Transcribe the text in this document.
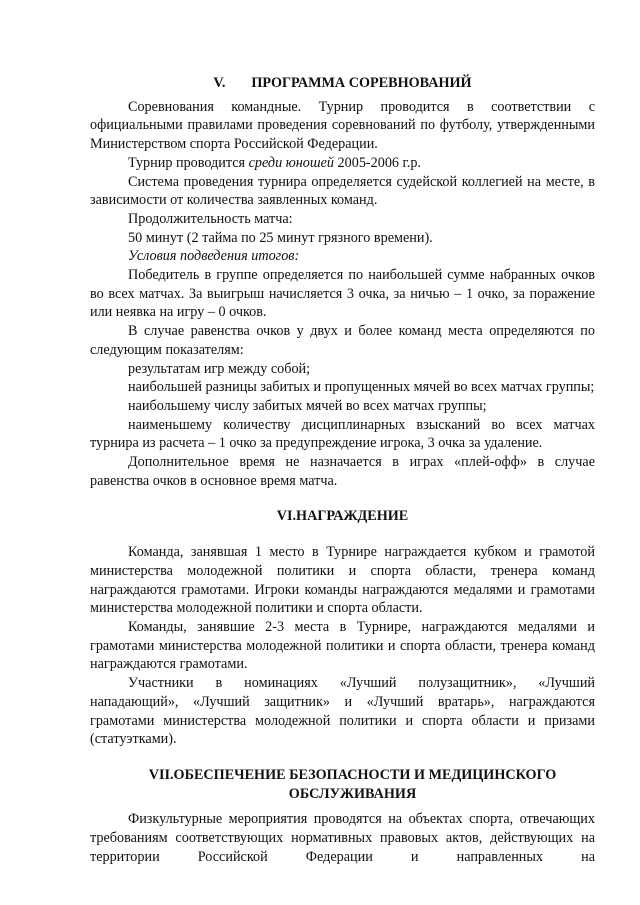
V. ПРОГРАММА СОРЕВНОВАНИЙ

Соревнования командные. Турнир проводится в соответствии с официальными правилами проведения соревнований по футболу, утвержденными Министерством спорта Российской Федерации.

Турнир проводится среди юношей 2005-2006 г.р.

Система проведения турнира определяется судейской коллегией на месте, в зависимости от количества заявленных команд.

Продолжительность матча:

50 минут (2 тайма по 25 минут грязного времени).

Условия подведения итогов:

Победитель в группе определяется по наибольшей сумме набранных очков во всех матчах. За выигрыш начисляется 3 очка, за ничью – 1 очко, за поражение или неявка на игру – 0 очков.

В случае равенства очков у двух и более команд места определяются по следующим показателям:

результатам игр между собой;

наибольшей разницы забитых и пропущенных мячей во всех матчах группы;

наибольшему числу забитых мячей во всех матчах группы;

наименьшему количеству дисциплинарных взысканий во всех матчах турнира из расчета – 1 очко за предупреждение игрока, 3 очка за удаление.

Дополнительное время не назначается в играх «плей-офф» в случае равенства очков в основное время матча.

VI.НАГРАЖДЕНИЕ

Команда, занявшая 1 место в Турнире награждается кубком и грамотой министерства молодежной политики и спорта области, тренера команд награждаются грамотами. Игроки команды награждаются медалями и грамотами министерства молодежной политики и спорта области.

Команды, занявшие 2-3 места в Турнире, награждаются медалями и грамотами министерства молодежной политики и спорта области, тренера команд награждаются грамотами.

Участники в номинациях «Лучший полузащитник», «Лучший нападающий», «Лучший защитник» и «Лучший вратарь», награждаются грамотами министерства молодежной политики и спорта области и призами (статуэтками).

VII.ОБЕСПЕЧЕНИЕ БЕЗОПАСНОСТИ И МЕДИЦИНСКОГО
ОБСЛУЖИВАНИЯ

Физкультурные мероприятия проводятся на объектах спорта, отвечающих требованиям соответствующих нормативных правовых актов, действующих на территории Российской Федерации и направленных на
